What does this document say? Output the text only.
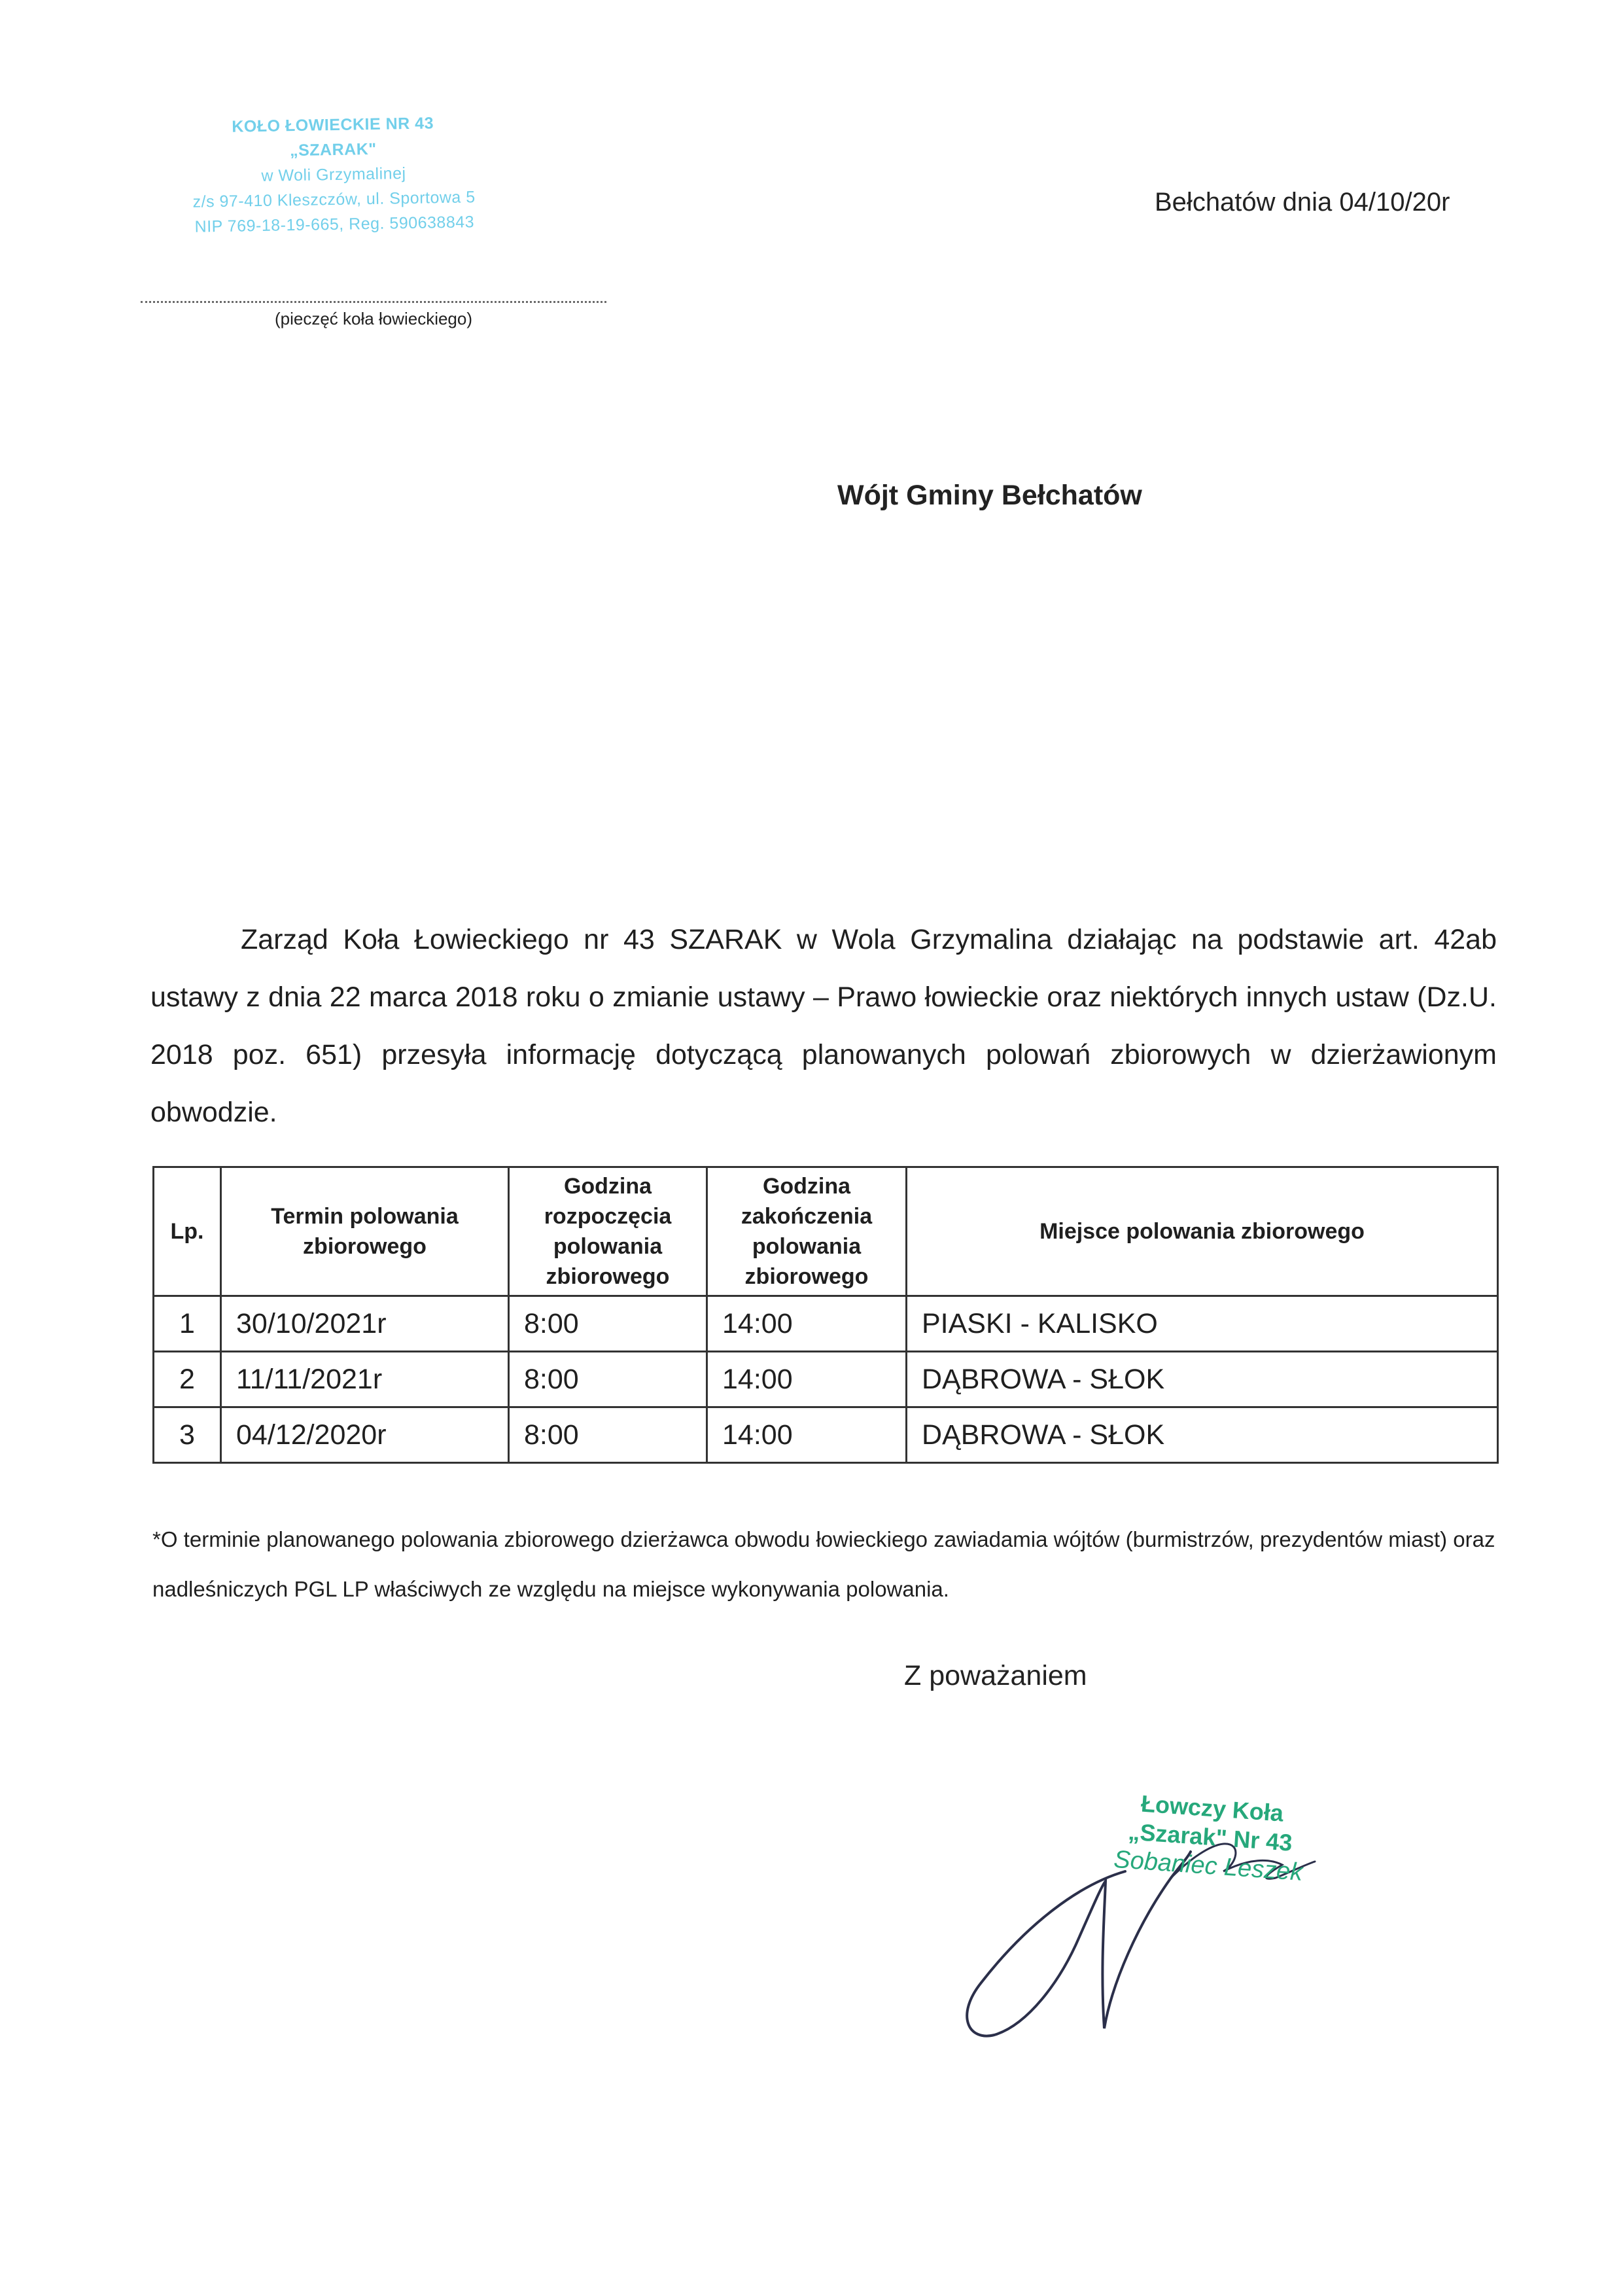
KOŁO ŁOWIECKIE NR 43
„SZARAK"
w Woli Grzymalinej
z/s 97-410 Kleszczów, ul. Sportowa 5
NIP 769-18-19-665, Reg. 590638843
(pieczęć koła łowieckiego)
Bełchatów dnia 04/10/20r
Wójt Gminy Bełchatów
Zarząd Koła Łowieckiego nr 43 SZARAK w Wola Grzymalina działając na podstawie art. 42ab ustawy z dnia 22 marca 2018 roku o zmianie ustawy – Prawo łowieckie oraz niektórych innych ustaw (Dz.U. 2018 poz. 651) przesyła informację dotyczącą planowanych polowań zbiorowych w dzierżawionym obwodzie.
Lp.	Termin polowania zbiorowego	Godzina rozpoczęcia polowania zbiorowego	Godzina zakończenia polowania zbiorowego	Miejsce polowania zbiorowego
1	30/10/2021r	8:00	14:00	PIASKI - KALISKO
2	11/11/2021r	8:00	14:00	DĄBROWA - SŁOK
3	04/12/2020r	8:00	14:00	DĄBROWA - SŁOK
*O terminie planowanego polowania zbiorowego dzierżawca obwodu łowieckiego zawiadamia wójtów (burmistrzów, prezydentów miast) oraz nadleśniczych PGL LP właściwych ze względu na miejsce wykonywania polowania.
Z poważaniem
Łowczy Koła
„Szarak" Nr 43
Sobaniec Leszek
